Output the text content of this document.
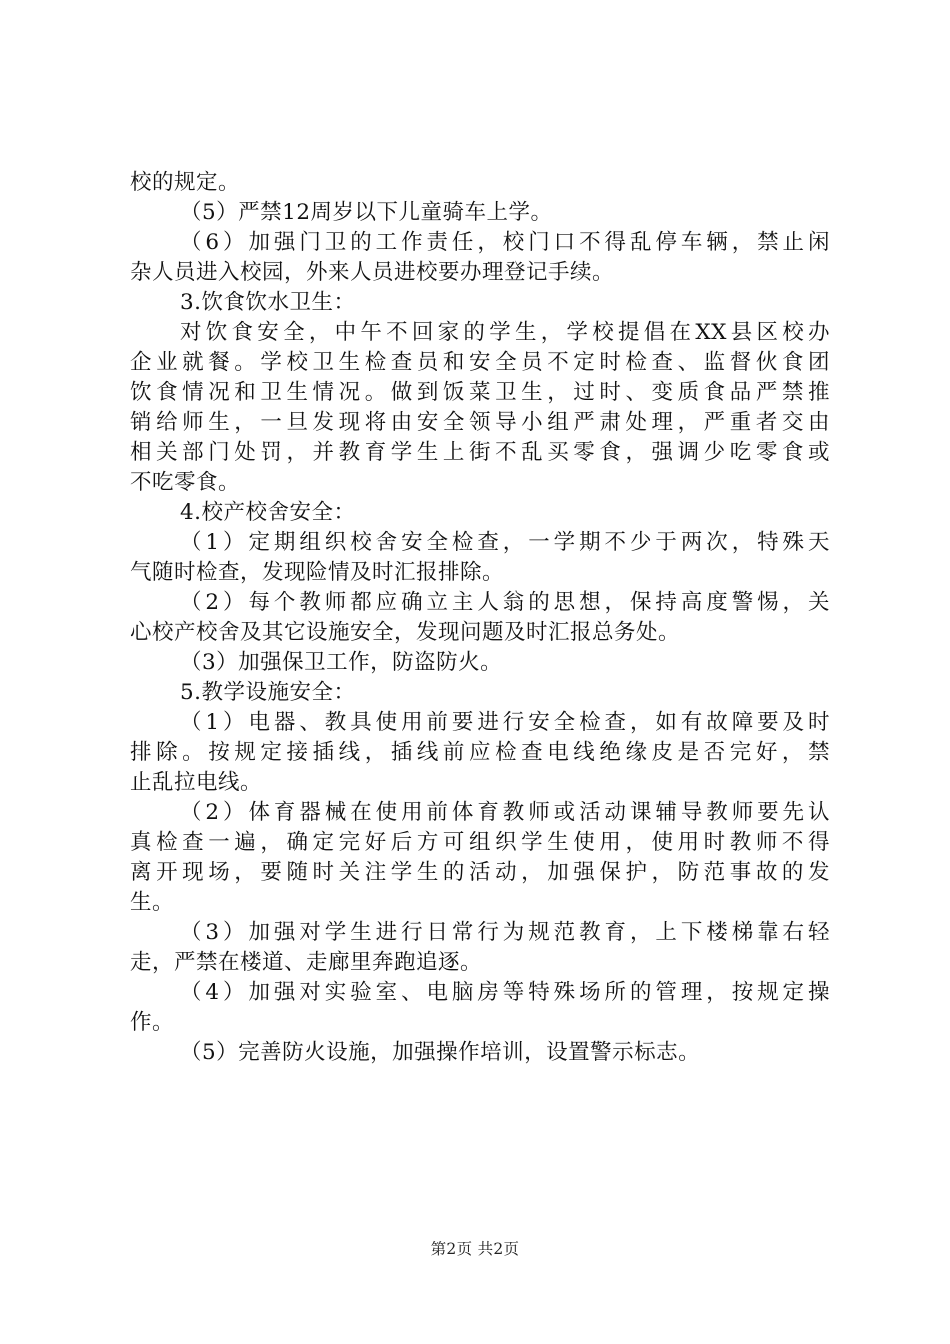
校的规定。
（5）严禁12周岁以下儿童骑车上学。
（6）加强门卫的工作责任，校门口不得乱停车辆，禁止闲
杂人员进入校园，外来人员进校要办理登记手续。
3.饮食饮水卫生：
对饮食安全，中午不回家的学生，学校提倡在XX县区校办
企业就餐。学校卫生检查员和安全员不定时检查、监督伙食团
饮食情况和卫生情况。做到饭菜卫生，过时、变质食品严禁推
销给师生，一旦发现将由安全领导小组严肃处理，严重者交由
相关部门处罚，并教育学生上街不乱买零食，强调少吃零食或
不吃零食。
4.校产校舍安全：
（1）定期组织校舍安全检查，一学期不少于两次，特殊天
气随时检查，发现险情及时汇报排除。
（2）每个教师都应确立主人翁的思想，保持高度警惕，关
心校产校舍及其它设施安全，发现问题及时汇报总务处。
（3）加强保卫工作，防盗防火。
5.教学设施安全：
（1）电器、教具使用前要进行安全检查，如有故障要及时
排除。按规定接插线，插线前应检查电线绝缘皮是否完好，禁
止乱拉电线。
（2）体育器械在使用前体育教师或活动课辅导教师要先认
真检查一遍，确定完好后方可组织学生使用，使用时教师不得
离开现场，要随时关注学生的活动，加强保护，防范事故的发
生。
（3）加强对学生进行日常行为规范教育，上下楼梯靠右轻
走，严禁在楼道、走廊里奔跑追逐。
（4）加强对实验室、电脑房等特殊场所的管理，按规定操
作。
（5）完善防火设施，加强操作培训，设置警示标志。
第2页 共2页
